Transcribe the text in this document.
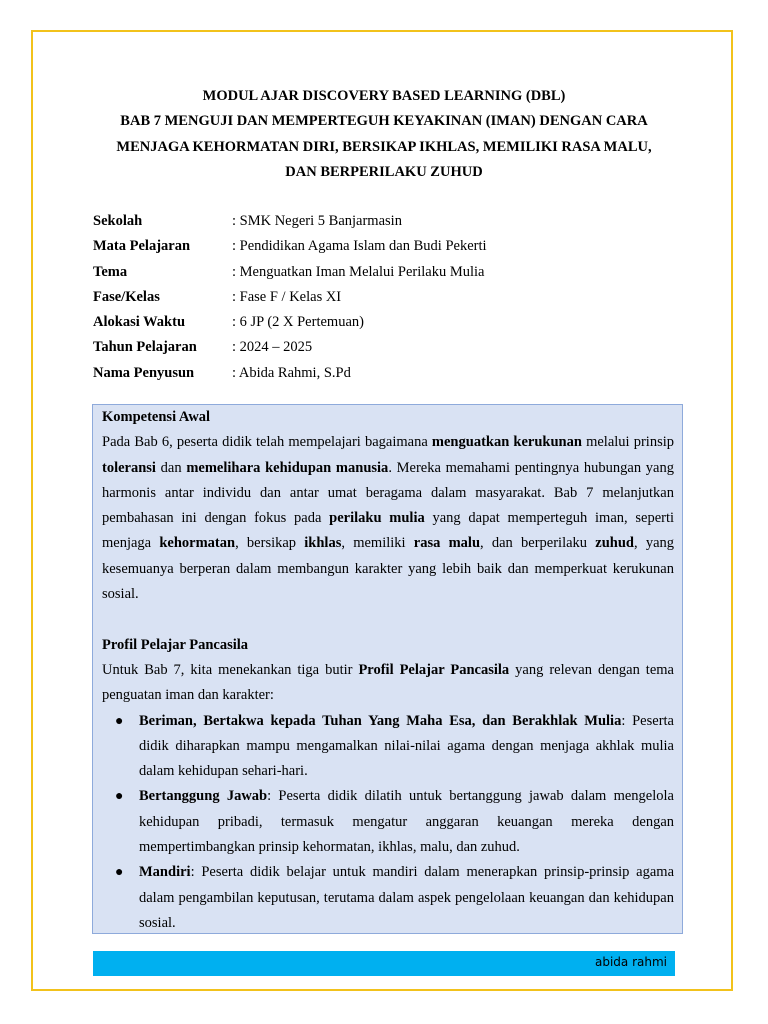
MODUL AJAR DISCOVERY BASED LEARNING (DBL)
BAB 7 MENGUJI DAN MEMPERTEGUH KEYAKINAN (IMAN) DENGAN CARA
MENJAGA KEHORMATAN DIRI, BERSIKAP IKHLAS, MEMILIKI RASA MALU,
DAN BERPERILAKU ZUHUD
Sekolah	: SMK Negeri 5 Banjarmasin
Mata Pelajaran	: Pendidikan Agama Islam dan Budi Pekerti
Tema	: Menguatkan Iman Melalui Perilaku Mulia
Fase/Kelas	: Fase F / Kelas XI
Alokasi Waktu	: 6 JP (2 X Pertemuan)
Tahun Pelajaran : 2024 – 2025
Nama Penyusun	: Abida Rahmi, S.Pd
Kompetensi Awal
Pada Bab 6, peserta didik telah mempelajari bagaimana menguatkan kerukunan melalui prinsip toleransi dan memelihara kehidupan manusia. Mereka memahami pentingnya hubungan yang harmonis antar individu dan antar umat beragama dalam masyarakat. Bab 7 melanjutkan pembahasan ini dengan fokus pada perilaku mulia yang dapat memperteguh iman, seperti menjaga kehormatan, bersikap ikhlas, memiliki rasa malu, dan berperilaku zuhud, yang kesemuanya berperan dalam membangun karakter yang lebih baik dan memperkuat kerukunan sosial.
Profil Pelajar Pancasila
Untuk Bab 7, kita menekankan tiga butir Profil Pelajar Pancasila yang relevan dengan tema penguatan iman dan karakter:
● Beriman, Bertakwa kepada Tuhan Yang Maha Esa, dan Berakhlak Mulia: Peserta didik diharapkan mampu mengamalkan nilai-nilai agama dengan menjaga akhlak mulia dalam kehidupan sehari-hari.
● Bertanggung Jawab: Peserta didik dilatih untuk bertanggung jawab dalam mengelola kehidupan pribadi, termasuk mengatur anggaran keuangan mereka dengan mempertimbangkan prinsip kehormatan, ikhlas, malu, dan zuhud.
● Mandiri: Peserta didik belajar untuk mandiri dalam menerapkan prinsip-prinsip agama dalam pengambilan keputusan, terutama dalam aspek pengelolaan keuangan dan kehidupan sosial.
abida rahmi
